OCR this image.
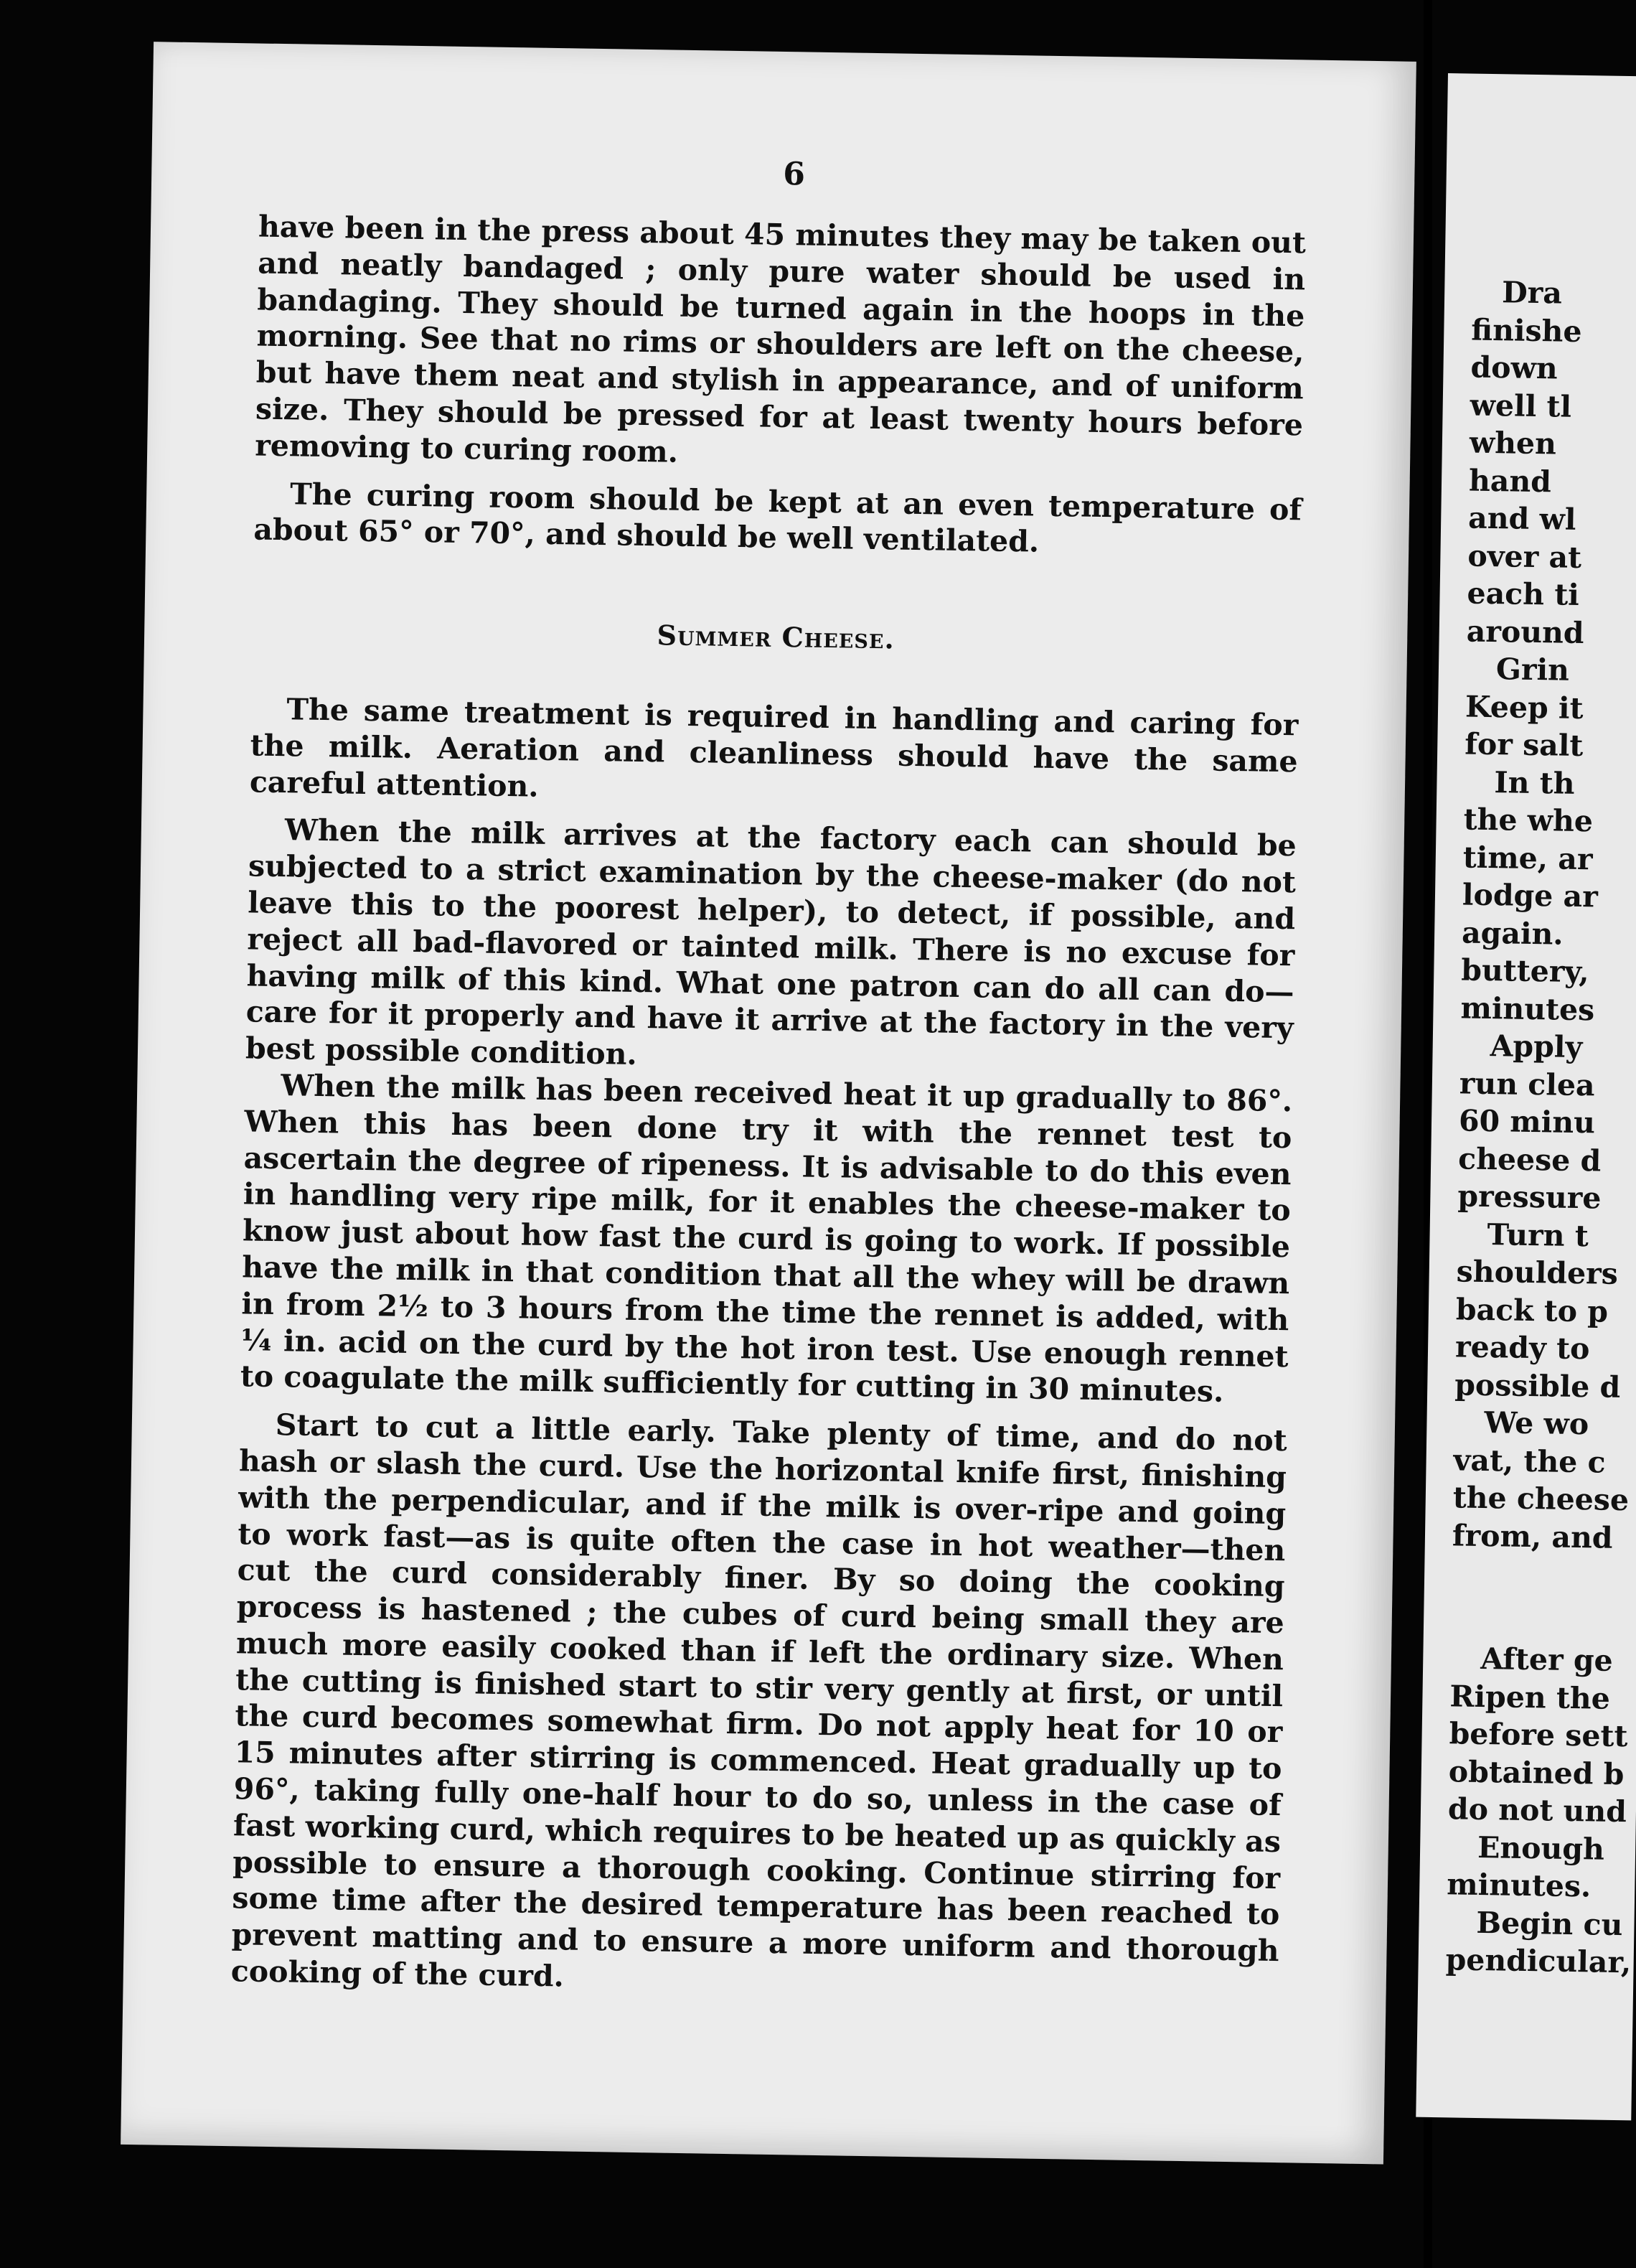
6

have been in the press about 45 minutes they may be taken out and neatly bandaged ; only pure water should be used in bandaging. They should be turned again in the hoops in the morning. See that no rims or shoulders are left on the cheese, but have them neat and stylish in appearance, and of uniform size. They should be pressed for at least twenty hours before removing to curing room.

The curing room should be kept at an even temperature of about 65° or 70°, and should be well ventilated.

Summer Cheese.

The same treatment is required in handling and caring for the milk. Aeration and cleanliness should have the same careful attention.

When the milk arrives at the factory each can should be subjected to a strict examination by the cheese-maker (do not leave this to the poorest helper), to detect, if possible, and reject all bad-flavored or tainted milk. There is no excuse for having milk of this kind. What one patron can do all can do—care for it properly and have it arrive at the factory in the very best possible condition.

When the milk has been received heat it up gradually to 86°. When this has been done try it with the rennet test to ascertain the degree of ripeness. It is advisable to do this even in handling very ripe milk, for it enables the cheese-maker to know just about how fast the curd is going to work. If possible have the milk in that condition that all the whey will be drawn in from 2½ to 3 hours from the time the rennet is added, with ¼ in. acid on the curd by the hot iron test. Use enough rennet to coagulate the milk sufficiently for cutting in 30 minutes.

Start to cut a little early. Take plenty of time, and do not hash or slash the curd. Use the horizontal knife first, finishing with the perpendicular, and if the milk is over-ripe and going to work fast—as is quite often the case in hot weather—then cut the curd considerably finer. By so doing the cooking process is hastened ; the cubes of curd being small they are much more easily cooked than if left the ordinary size. When the cutting is finished start to stir very gently at first, or until the curd becomes somewhat firm. Do not apply heat for 10 or 15 minutes after stirring is commenced. Heat gradually up to 96°, taking fully one-half hour to do so, unless in the case of fast working curd, which requires to be heated up as quickly as possible to ensure a thorough cooking. Continue stirring for some time after the desired temperature has been reached to prevent matting and to ensure a more uniform and thorough cooking of the curd.

Dra
finishe
down
well tl
when
hand
and wl
over at
each ti
around
Grin
Keep it
for salt
In th
the whe
time, ar
lodge ar
again.
buttery,
minutes
Apply
run clea
60 minu
cheese d
pressure
Turn t
shoulders
back to p
ready to
possible d
We wo
vat, the c
the cheese
from, and
After ge
Ripen the
before sett
obtained b
do not und
Enough
minutes.
Begin cu
pendicular,
